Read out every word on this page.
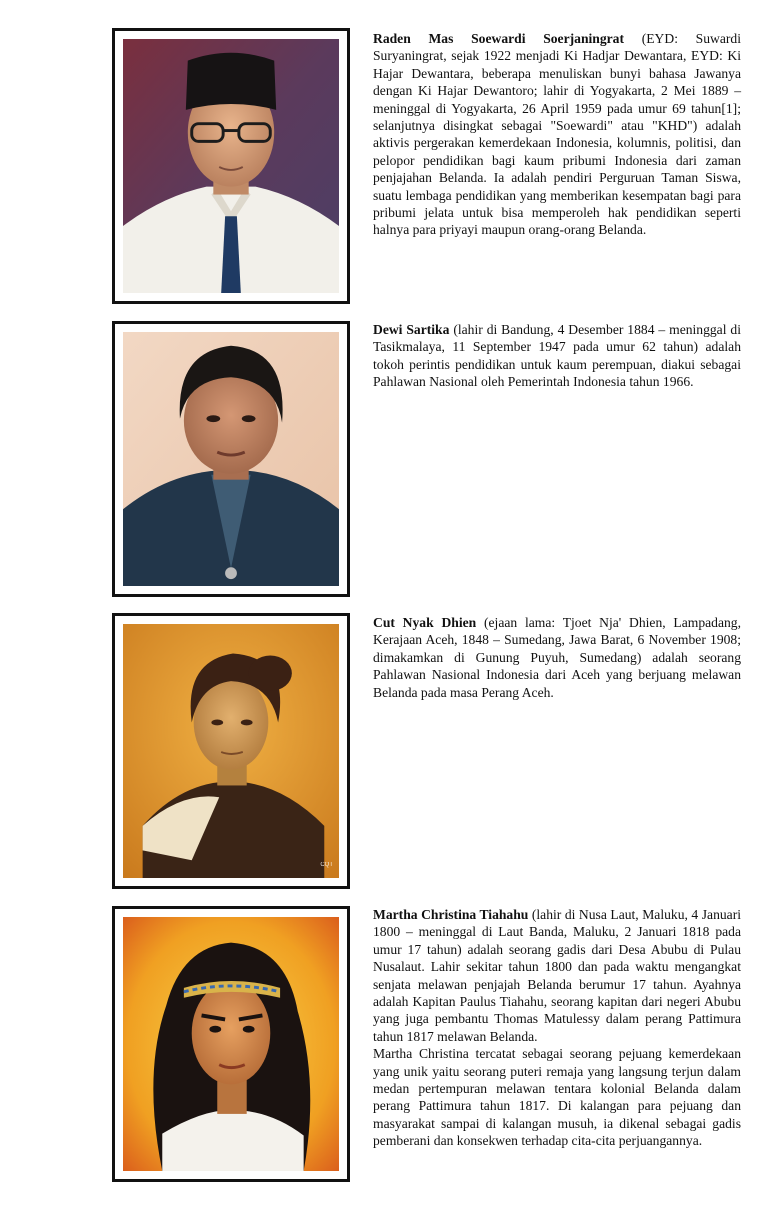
Raden Mas Soewardi Soerjaningrat (EYD: Suwardi Suryaningrat, sejak 1922 menjadi Ki Hadjar Dewantara, EYD: Ki Hajar Dewantara, beberapa menuliskan bunyi bahasa Jawanya dengan Ki Hajar Dewantoro; lahir di Yogyakarta, 2 Mei 1889 – meninggal di Yogyakarta, 26 April 1959 pada umur 69 tahun[1]; selanjutnya disingkat sebagai "Soewardi" atau "KHD") adalah aktivis pergerakan kemerdekaan Indonesia, kolumnis, politisi, dan pelopor pendidikan bagi kaum pribumi Indonesia dari zaman penjajahan Belanda. Ia adalah pendiri Perguruan Taman Siswa, suatu lembaga pendidikan yang memberikan kesempatan bagi para pribumi jelata untuk bisa memperoleh hak pendidikan seperti halnya para priyayi maupun orang-orang Belanda.

Dewi Sartika (lahir di Bandung, 4 Desember 1884 – meninggal di Tasikmalaya, 11 September 1947 pada umur 62 tahun) adalah tokoh perintis pendidikan untuk kaum perempuan, diakui sebagai Pahlawan Nasional oleh Pemerintah Indonesia tahun 1966.

CQT

Cut Nyak Dhien (ejaan lama: Tjoet Nja' Dhien, Lampadang, Kerajaan Aceh, 1848 – Sumedang, Jawa Barat, 6 November 1908; dimakamkan di Gunung Puyuh, Sumedang) adalah seorang Pahlawan Nasional Indonesia dari Aceh yang berjuang melawan Belanda pada masa Perang Aceh.

Martha Christina Tiahahu (lahir di Nusa Laut, Maluku, 4 Januari 1800 – meninggal di Laut Banda, Maluku, 2 Januari 1818 pada umur 17 tahun) adalah seorang gadis dari Desa Abubu di Pulau Nusalaut. Lahir sekitar tahun 1800 dan pada waktu mengangkat senjata melawan penjajah Belanda berumur 17 tahun. Ayahnya adalah Kapitan Paulus Tiahahu, seorang kapitan dari negeri Abubu yang juga pembantu Thomas Matulessy dalam perang Pattimura tahun 1817 melawan Belanda.

Martha Christina tercatat sebagai seorang pejuang kemerdekaan yang unik yaitu seorang puteri remaja yang langsung terjun dalam medan pertempuran melawan tentara kolonial Belanda dalam perang Pattimura tahun 1817. Di kalangan para pejuang dan masyarakat sampai di kalangan musuh, ia dikenal sebagai gadis pemberani dan konsekwen terhadap cita-cita perjuangannya.
